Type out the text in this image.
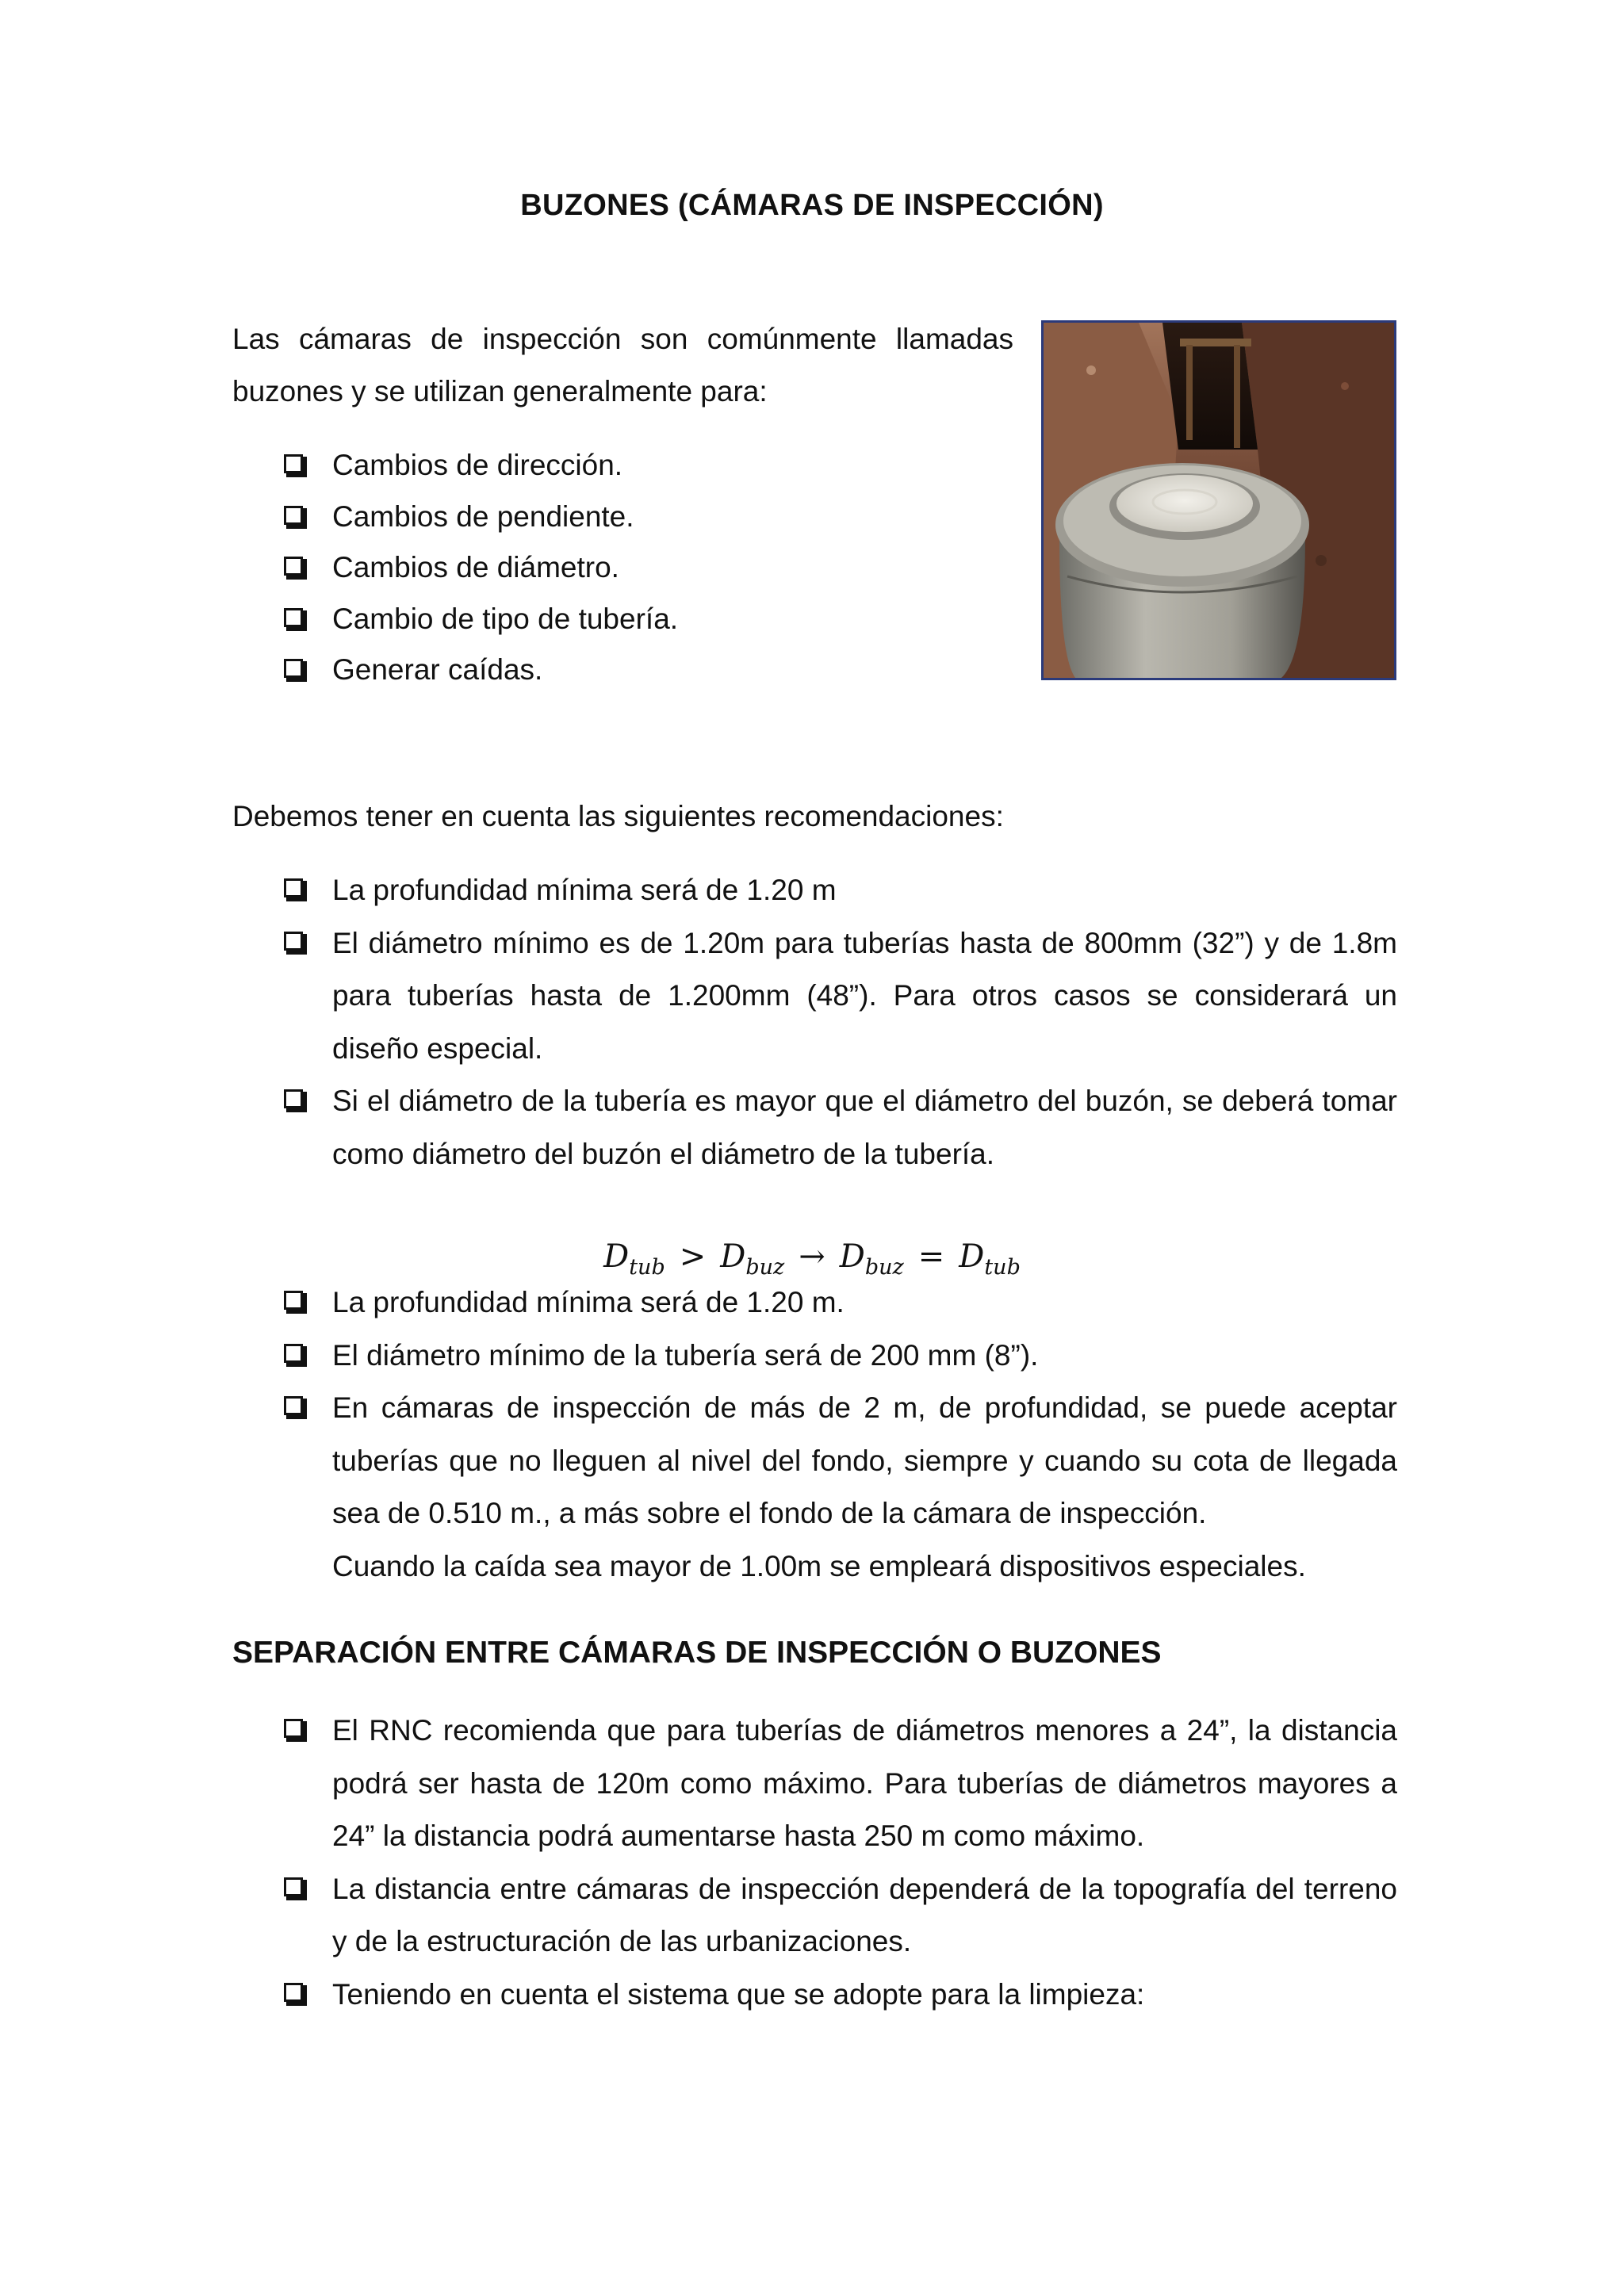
BUZONES (CÁMARAS DE INSPECCIÓN)
Las cámaras de inspección son comúnmente llamadas buzones y se utilizan generalmente para:
Cambios de dirección.
Cambios de pendiente.
Cambios de diámetro.
Cambio de tipo de tubería.
Generar caídas.
Debemos tener en cuenta las siguientes recomendaciones:
La profundidad mínima será de 1.20 m
El diámetro mínimo es de 1.20m para tuberías hasta de 800mm (32”) y de 1.8m para tuberías hasta de 1.200mm (48”). Para otros casos se considerará un diseño especial.
Si el diámetro de la tubería es mayor que el diámetro del buzón, se deberá tomar como diámetro del buzón el diámetro de la tubería.
$D_{tub} > D_{buz} \to D_{buz} = D_{tub}$
La profundidad mínima será de 1.20 m.
El diámetro mínimo de la tubería será de 200 mm (8”).
En cámaras de inspección de más de 2 m, de profundidad, se puede aceptar tuberías que no lleguen al nivel del fondo, siempre y cuando su cota de llegada sea de 0.510 m., a más sobre el fondo de la cámara de inspección.
Cuando la caída sea mayor de 1.00m se empleará dispositivos especiales.
SEPARACIÓN ENTRE CÁMARAS DE INSPECCIÓN O BUZONES
El RNC recomienda que para tuberías de diámetros menores a 24”, la distancia podrá ser hasta de 120m como máximo. Para tuberías de diámetros mayores a 24” la distancia podrá aumentarse hasta 250 m como máximo.
La distancia entre cámaras de inspección dependerá de la topografía del terreno y de la estructuración de las urbanizaciones.
Teniendo en cuenta el sistema que se adopte para la limpieza:
